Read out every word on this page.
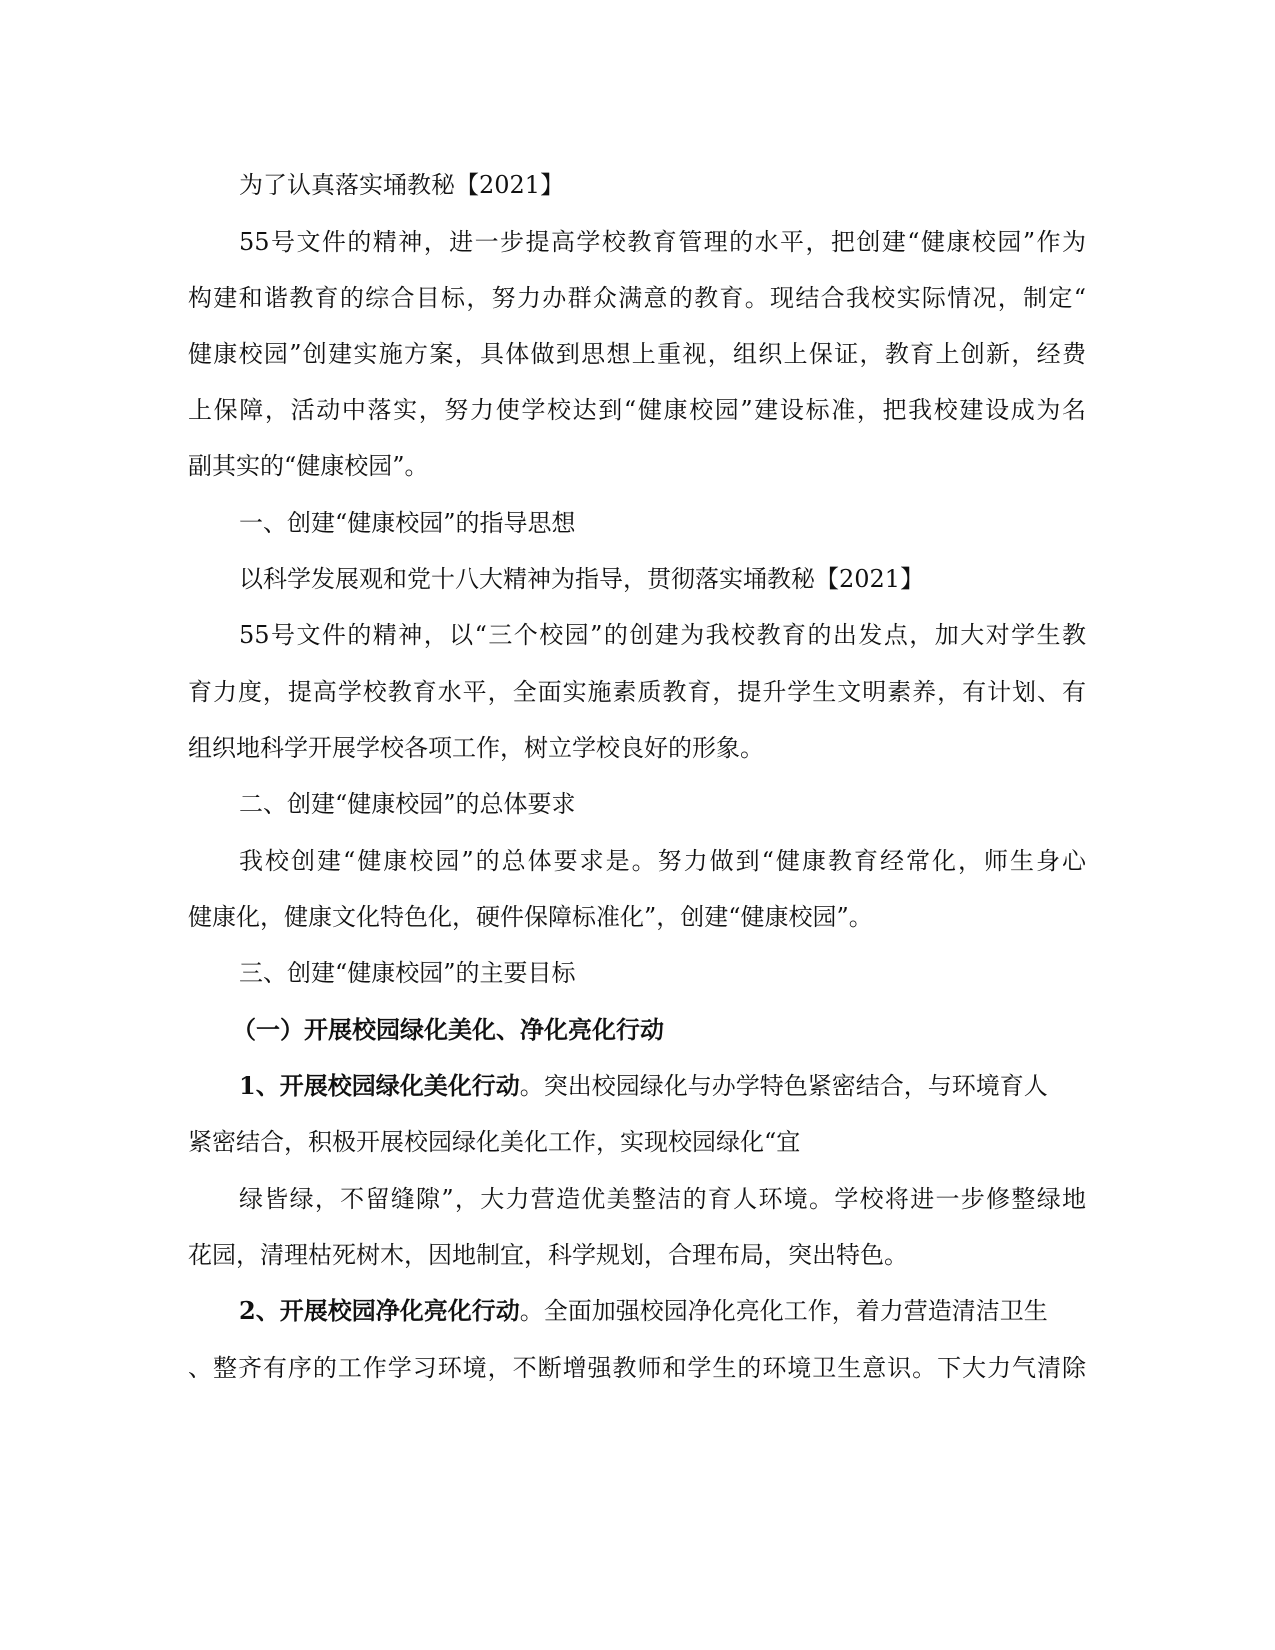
为了认真落实埇教秘【2021】
55号文件的精神，进一步提高学校教育管理的水平，把创建“健康校园”作为
构建和谐教育的综合目标，努力办群众满意的教育。现结合我校实际情况，制定“
健康校园”创建实施方案，具体做到思想上重视，组织上保证，教育上创新，经费
上保障，活动中落实，努力使学校达到“健康校园”建设标准，把我校建设成为名
副其实的“健康校园”。
一、创建“健康校园”的指导思想
以科学发展观和党十八大精神为指导，贯彻落实埇教秘【2021】
55号文件的精神，以“三个校园”的创建为我校教育的出发点，加大对学生教
育力度，提高学校教育水平，全面实施素质教育，提升学生文明素养，有计划、有
组织地科学开展学校各项工作，树立学校良好的形象。
二、创建“健康校园”的总体要求
我校创建“健康校园”的总体要求是。努力做到“健康教育经常化，师生身心
健康化，健康文化特色化，硬件保障标准化”，创建“健康校园”。
三、创建“健康校园”的主要目标
（一）开展校园绿化美化、净化亮化行动
1、开展校园绿化美化行动。突出校园绿化与办学特色紧密结合，与环境育人
紧密结合，积极开展校园绿化美化工作，实现校园绿化“宜
绿皆绿，不留缝隙”，大力营造优美整洁的育人环境。学校将进一步修整绿地
花园，清理枯死树木，因地制宜，科学规划，合理布局，突出特色。
2、开展校园净化亮化行动。全面加强校园净化亮化工作，着力营造清洁卫生
、整齐有序的工作学习环境，不断增强教师和学生的环境卫生意识。下大力气清除
